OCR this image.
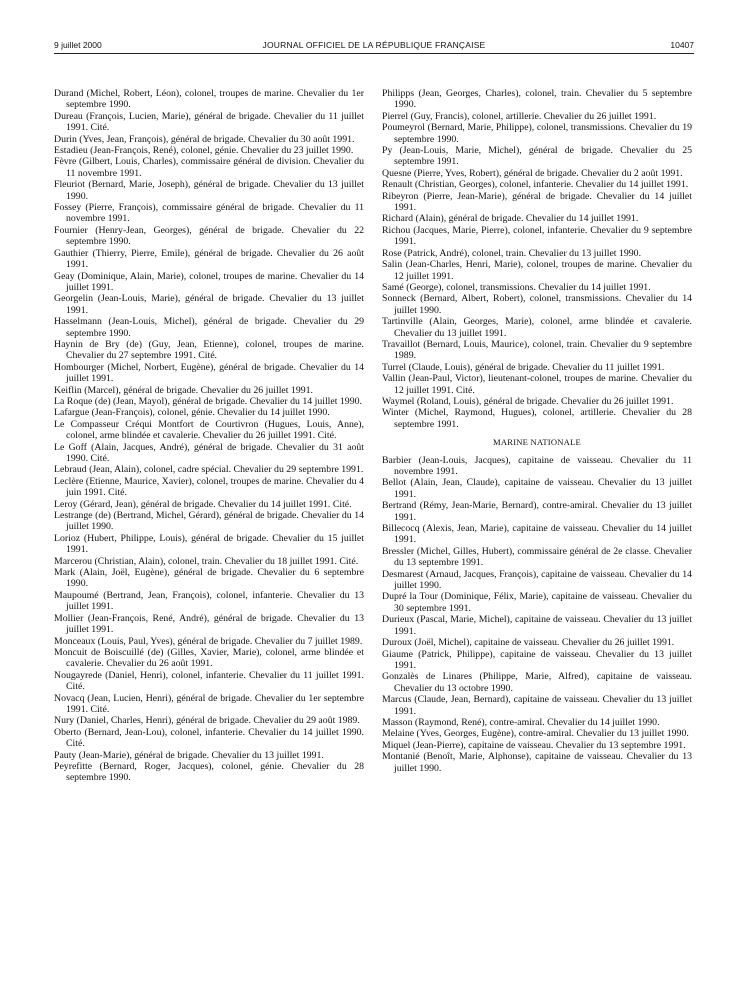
9 juillet 2000	JOURNAL OFFICIEL DE LA RÉPUBLIQUE FRANÇAISE	10407

Durand (Michel, Robert, Léon), colonel, troupes de marine. Chevalier du 1er septembre 1990.

Dureau (François, Lucien, Marie), général de brigade. Chevalier du 11 juillet 1991. Cité.

Durin (Yves, Jean, François), général de brigade. Chevalier du 30 août 1991.

Estadieu (Jean-François, René), colonel, génie. Chevalier du 23 juillet 1990.

Fèvre (Gilbert, Louis, Charles), commissaire général de division. Chevalier du 11 novembre 1991.

Fleuriot (Bernard, Marie, Joseph), général de brigade. Chevalier du 13 juillet 1990.

Fossey (Pierre, François), commissaire général de brigade. Chevalier du 11 novembre 1991.

Fournier (Henry-Jean, Georges), général de brigade. Chevalier du 22 septembre 1990.

Gauthier (Thierry, Pierre, Emile), général de brigade. Chevalier du 26 août 1991.

Geay (Dominique, Alain, Marie), colonel, troupes de marine. Chevalier du 14 juillet 1991.

Georgelin (Jean-Louis, Marie), général de brigade. Chevalier du 13 juillet 1991.

Hasselmann (Jean-Louis, Michel), général de brigade. Chevalier du 29 septembre 1990.

Haynin de Bry (de) (Guy, Jean, Etienne), colonel, troupes de marine. Chevalier du 27 septembre 1991. Cité.

Hombourger (Michel, Norbert, Eugène), général de brigade. Chevalier du 14 juillet 1991.

Keiflin (Marcel), général de brigade. Chevalier du 26 juillet 1991.

La Roque (de) (Jean, Mayol), général de brigade. Chevalier du 14 juillet 1990.

Lafargue (Jean-François), colonel, génie. Chevalier du 14 juillet 1990.

Le Compasseur Créqui Montfort de Courtivron (Hugues, Louis, Anne), colonel, arme blindée et cavalerie. Chevalier du 26 juillet 1991. Cité.

Le Goff (Alain, Jacques, André), général de brigade. Chevalier du 31 août 1990. Cité.

Lebraud (Jean, Alain), colonel, cadre spécial. Chevalier du 29 septembre 1991.

Leclère (Etienne, Maurice, Xavier), colonel, troupes de marine. Chevalier du 4 juin 1991. Cité.

Leroy (Gérard, Jean), général de brigade. Chevalier du 14 juillet 1991. Cité.

Lestrange (de) (Bertrand, Michel, Gérard), général de brigade. Chevalier du 14 juillet 1990.

Lorioz (Hubert, Philippe, Louis), général de brigade. Chevalier du 15 juillet 1991.

Marcerou (Christian, Alain), colonel, train. Chevalier du 18 juillet 1991. Cité.

Mark (Alain, Joël, Eugène), général de brigade. Chevalier du 6 septembre 1990.

Maupoumé (Bertrand, Jean, François), colonel, infanterie. Chevalier du 13 juillet 1991.

Mollier (Jean-François, René, André), général de brigade. Chevalier du 13 juillet 1991.

Monceaux (Louis, Paul, Yves), général de brigade. Chevalier du 7 juillet 1989.

Moncuit de Boiscuillé (de) (Gilles, Xavier, Marie), colonel, arme blindée et cavalerie. Chevalier du 26 août 1991.

Nougayrede (Daniel, Henri), colonel, infanterie. Chevalier du 11 juillet 1991. Cité.

Novacq (Jean, Lucien, Henri), général de brigade. Chevalier du 1er septembre 1991. Cité.

Nury (Daniel, Charles, Henri), général de brigade. Chevalier du 29 août 1989.

Oberto (Bernard, Jean-Lou), colonel, infanterie. Chevalier du 14 juillet 1990. Cité.

Pauty (Jean-Marie), général de brigade. Chevalier du 13 juillet 1991.

Peyrefitte (Bernard, Roger, Jacques), colonel, génie. Chevalier du 28 septembre 1990.

Philipps (Jean, Georges, Charles), colonel, train. Chevalier du 5 septembre 1990.

Pierrel (Guy, Francis), colonel, artillerie. Chevalier du 26 juillet 1991.

Poumeyrol (Bernard, Marie, Philippe), colonel, transmissions. Chevalier du 19 septembre 1990.

Py (Jean-Louis, Marie, Michel), général de brigade. Chevalier du 25 septembre 1991.

Quesne (Pierre, Yves, Robert), général de brigade. Chevalier du 2 août 1991.

Renault (Christian, Georges), colonel, infanterie. Chevalier du 14 juillet 1991.

Ribeyron (Pierre, Jean-Marie), général de brigade. Chevalier du 14 juillet 1991.

Richard (Alain), général de brigade. Chevalier du 14 juillet 1991.

Richou (Jacques, Marie, Pierre), colonel, infanterie. Chevalier du 9 septembre 1991.

Rose (Patrick, André), colonel, train. Chevalier du 13 juillet 1990.

Salin (Jean-Charles, Henri, Marie), colonel, troupes de marine. Chevalier du 12 juillet 1991.

Samé (George), colonel, transmissions. Chevalier du 14 juillet 1991.

Sonneck (Bernard, Albert, Robert), colonel, transmissions. Chevalier du 14 juillet 1990.

Tartinville (Alain, Georges, Marie), colonel, arme blindée et cavalerie. Chevalier du 13 juillet 1991.

Travaillot (Bernard, Louis, Maurice), colonel, train. Chevalier du 9 septembre 1989.

Turrel (Claude, Louis), général de brigade. Chevalier du 11 juillet 1991.

Vallin (Jean-Paul, Victor), lieutenant-colonel, troupes de marine. Chevalier du 12 juillet 1991. Cité.

Waymel (Roland, Louis), général de brigade. Chevalier du 26 juillet 1991.

Winter (Michel, Raymond, Hugues), colonel, artillerie. Chevalier du 28 septembre 1991.

MARINE NATIONALE

Barbier (Jean-Louis, Jacques), capitaine de vaisseau. Chevalier du 11 novembre 1991.

Bellot (Alain, Jean, Claude), capitaine de vaisseau. Chevalier du 13 juillet 1991.

Bertrand (Rémy, Jean-Marie, Bernard), contre-amiral. Chevalier du 13 juillet 1991.

Billecocq (Alexis, Jean, Marie), capitaine de vaisseau. Chevalier du 14 juillet 1991.

Bressler (Michel, Gilles, Hubert), commissaire général de 2e classe. Chevalier du 13 septembre 1991.

Desmarest (Arnaud, Jacques, François), capitaine de vaisseau. Chevalier du 14 juillet 1990.

Dupré la Tour (Dominique, Félix, Marie), capitaine de vaisseau. Chevalier du 30 septembre 1991.

Durieux (Pascal, Marie, Michel), capitaine de vaisseau. Chevalier du 13 juillet 1991.

Duroux (Joël, Michel), capitaine de vaisseau. Chevalier du 26 juillet 1991.

Giaume (Patrick, Philippe), capitaine de vaisseau. Chevalier du 13 juillet 1991.

Gonzalès de Linares (Philippe, Marie, Alfred), capitaine de vaisseau. Chevalier du 13 octobre 1990.

Marcus (Claude, Jean, Bernard), capitaine de vaisseau. Chevalier du 13 juillet 1991.

Masson (Raymond, René), contre-amiral. Chevalier du 14 juillet 1990.

Melaine (Yves, Georges, Eugène), contre-amiral. Chevalier du 13 juillet 1990.

Miquel (Jean-Pierre), capitaine de vaisseau. Chevalier du 13 septembre 1991.

Montanié (Benoît, Marie, Alphonse), capitaine de vaisseau. Chevalier du 13 juillet 1990.
